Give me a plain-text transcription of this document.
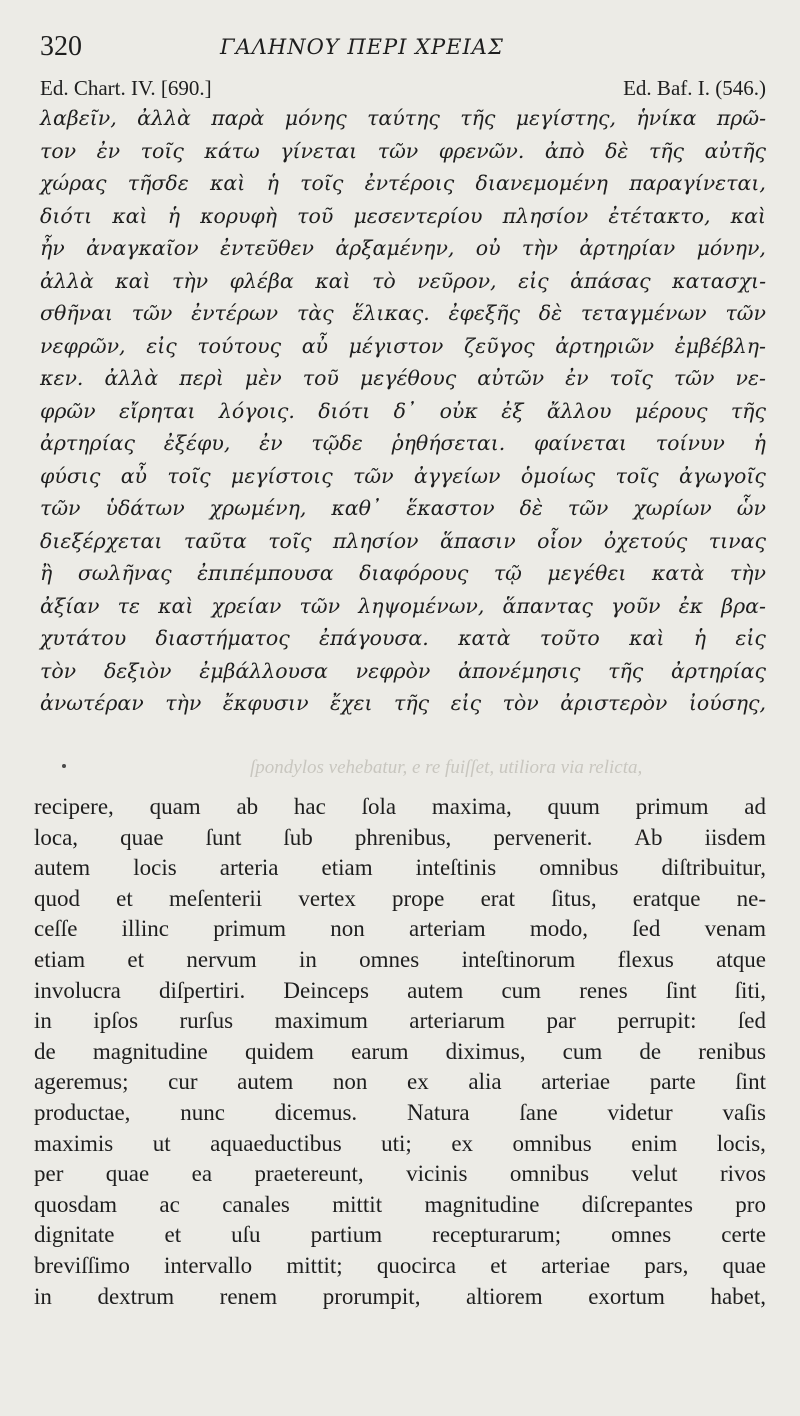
320	ΓΑΛΗΝΟΥ ΠΕΡΙ ΧΡΕΙΑΣ
Ed. Chart. IV. [690.]	Ed. Baf. I. (546.)
λαβεῖν, ἀλλὰ παρὰ μόνης ταύτης τῆς μεγίστης, ἡνίκα πρῶ-
τον ἐν τοῖς κάτω γίνεται τῶν φρενῶν. ἀπὸ δὲ τῆς αὐτῆς
χώρας τῆσδε καὶ ἡ τοῖς ἐντέροις διανεμομένη παραγίνεται,
διότι καὶ ἡ κορυφὴ τοῦ μεσεντερίου πλησίον ἐτέτακτο, καὶ
ἦν ἀναγκαῖον ἐντεῦθεν ἀρξαμένην, οὐ τὴν ἀρτηρίαν μόνην,
ἀλλὰ καὶ τὴν φλέβα καὶ τὸ νεῦρον, εἰς ἁπάσας κατασχι-
σθῆναι τῶν ἐντέρων τὰς ἕλικας. ἐφεξῆς δὲ τεταγμένων τῶν
νεφρῶν, εἰς τούτους αὖ μέγιστον ζεῦγος ἀρτηριῶν ἐμβέβλη-
κεν. ἀλλὰ περὶ μὲν τοῦ μεγέθους αὐτῶν ἐν τοῖς τῶν νε-
φρῶν εἴρηται λόγοις. διότι δ᾽ οὐκ ἐξ ἄλλου μέρους τῆς
ἀρτηρίας ἐξέφυ, ἐν τῷδε ῥηθήσεται. φαίνεται τοίνυν ἡ
φύσις αὖ τοῖς μεγίστοις τῶν ἀγγείων ὁμοίως τοῖς ἀγωγοῖς
τῶν ὑδάτων χρωμένη, καθ᾽ ἕκαστον δὲ τῶν χωρίων ὧν
διεξέρχεται ταῦτα τοῖς πλησίον ἅπασιν οἷον ὀχετούς τινας
ἢ σωλῆνας ἐπιπέμπουσα διαφόρους τῷ μεγέθει κατὰ τὴν
ἀξίαν τε καὶ χρείαν τῶν ληψομένων, ἅπαντας γοῦν ἐκ βρα-
χυτάτου διαστήματος ἐπάγουσα. κατὰ τοῦτο καὶ ἡ εἰς
τὸν δεξιὸν ἐμβάλλουσα νεφρὸν ἀπονέμησις τῆς ἀρτηρίας
ἀνωτέραν τὴν ἔκφυσιν ἔχει τῆς εἰς τὸν ἀριστερὸν ἰούσης,
ſpondylos vehebatur, e re fuiſſet, utiliora via relicta,
recipere, quam ab hac ſola maxima, quum primum ad
loca, quae ſunt ſub phrenibus, pervenerit. Ab iisdem
autem locis arteria etiam inteſtinis omnibus diſtribuitur,
quod et meſenterii vertex prope erat ſitus, eratque ne-
ceſſe illinc primum non arteriam modo, ſed venam
etiam et nervum in omnes inteſtinorum flexus atque
involucra diſpertiri. Deinceps autem cum renes ſint ſiti,
in ipſos rurſus maximum arteriarum par perrupit: ſed
de magnitudine quidem earum diximus, cum de renibus
ageremus; cur autem non ex alia arteriae parte ſint
productae, nunc dicemus. Natura ſane videtur vaſis
maximis ut aquaeductibus uti; ex omnibus enim locis,
per quae ea praetereunt, vicinis omnibus velut rivos
quosdam ac canales mittit magnitudine diſcrepantes pro
dignitate et uſu partium recepturarum; omnes certe
breviſſimo intervallo mittit; quocirca et arteriae pars, quae
in dextrum renem prorumpit, altiorem exortum habet,
